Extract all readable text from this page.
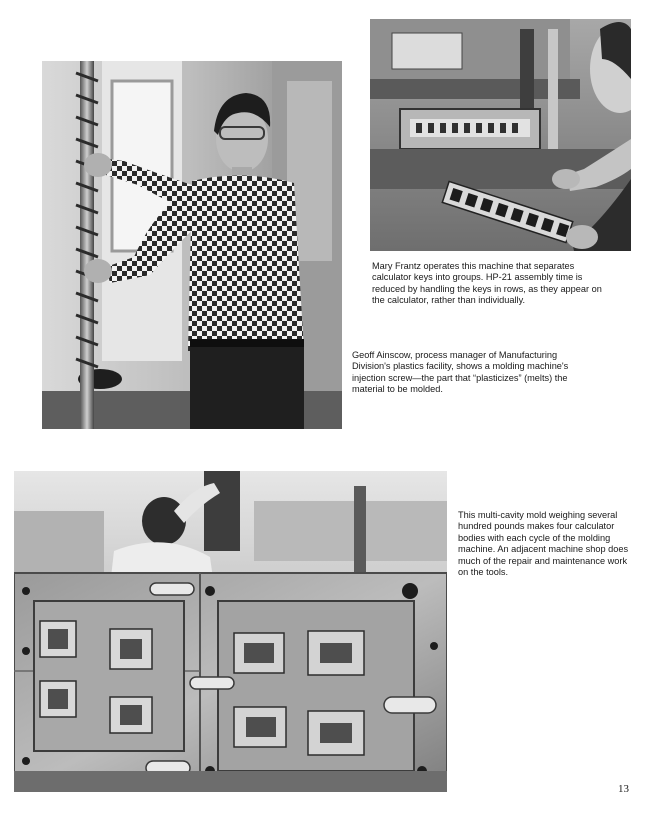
Mary Frantz operates this machine that separates calculator keys into groups. HP-21 assembly time is reduced by handling the keys in rows, as they appear on the calculator, rather than individually.

Geoff Ainscow, process manager of Manufacturing Division's plastics facility, shows a molding machine's injection screw—the part that “plasticizes” (melts) the material to be molded.

This multi-cavity mold weighing several hundred pounds makes four calculator bodies with each cycle of the molding machine. An adjacent machine shop does much of the repair and maintenance work on the tools.

13
